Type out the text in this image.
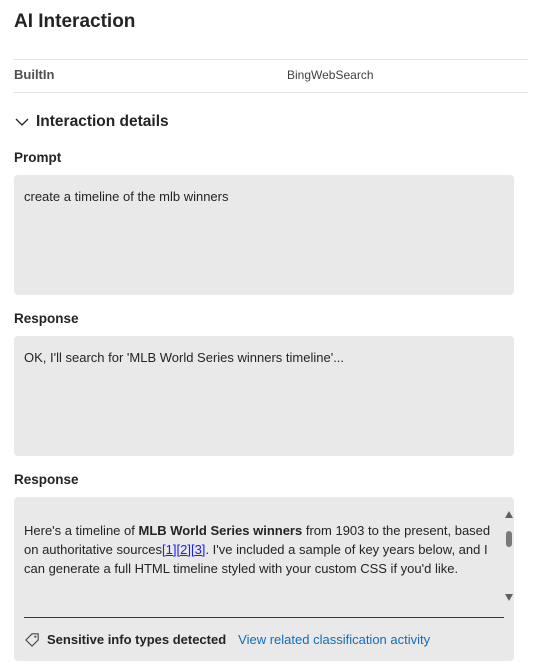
AI Interaction
BuiltIn	BingWebSearch
Interaction details
Prompt
create a timeline of the mlb winners
Response
OK, I'll search for 'MLB World Series winners timeline'...
Response
Here's a timeline of MLB World Series winners from 1903 to the present, based on authoritative sources[1][2][3]. I've included a sample of key years below, and I can generate a full HTML timeline styled with your custom CSS if you'd like.
Sensitive info types detected View related classification activity
